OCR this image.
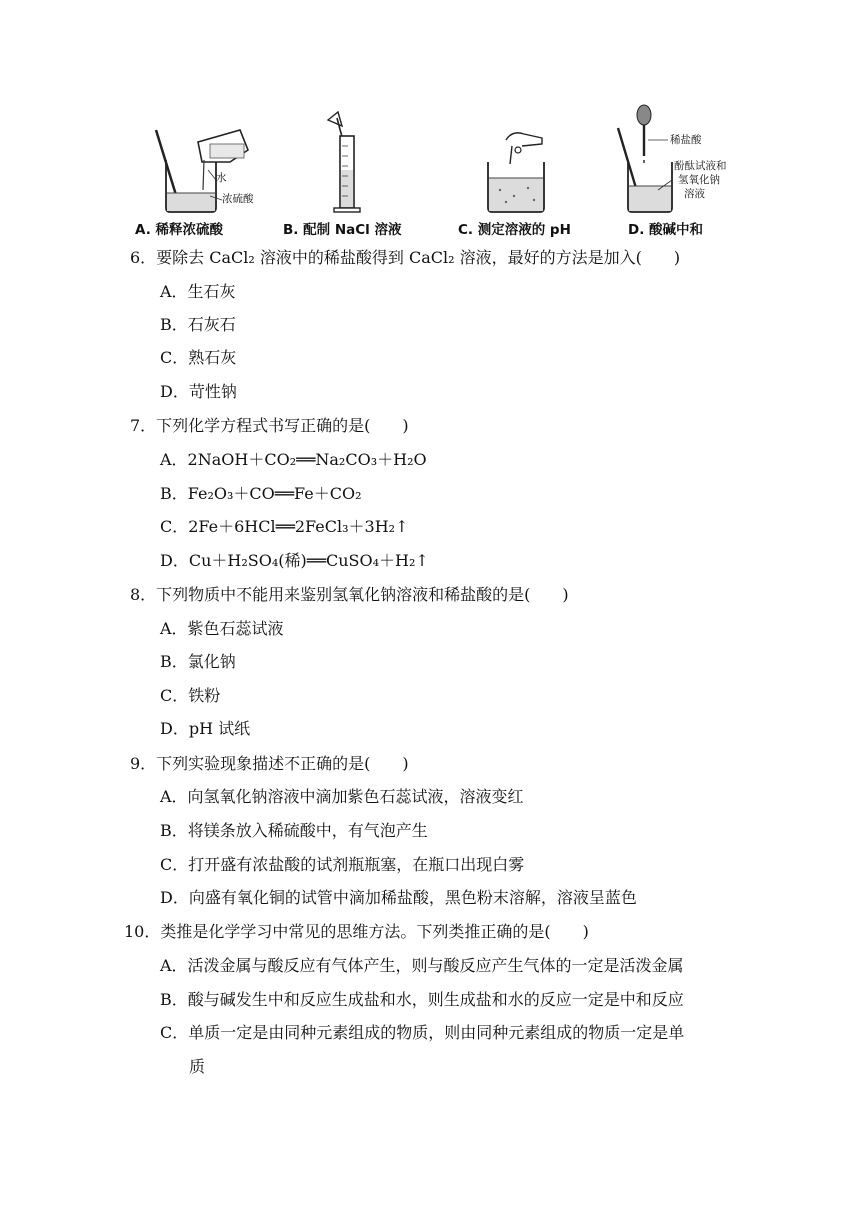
水
浓硫酸
A. 稀释浓硫酸	B. 配制 NaCl 溶液	C. 测定溶液的 pH
稀盐酸
酚酞试液和
氢氧化钠
溶液
D. 酸碱中和
6．要除去 CaCl₂ 溶液中的稀盐酸得到 CaCl₂ 溶液，最好的方法是加入(　　)
A．生石灰
B．石灰石
C．熟石灰
D．苛性钠
7．下列化学方程式书写正确的是(　　)
A．2NaOH＋CO₂══Na₂CO₃＋H₂O
B．Fe₂O₃＋CO══Fe＋CO₂
C．2Fe＋6HCl══2FeCl₃＋3H₂↑
D．Cu＋H₂SO₄(稀)══CuSO₄＋H₂↑
8．下列物质中不能用来鉴别氢氧化钠溶液和稀盐酸的是(　　)
A．紫色石蕊试液
B．氯化钠
C．铁粉
D．pH 试纸
9．下列实验现象描述不正确的是(　　)
A．向氢氧化钠溶液中滴加紫色石蕊试液，溶液变红
B．将镁条放入稀硫酸中，有气泡产生
C．打开盛有浓盐酸的试剂瓶瓶塞，在瓶口出现白雾
D．向盛有氧化铜的试管中滴加稀盐酸，黑色粉末溶解，溶液呈蓝色
10．类推是化学学习中常见的思维方法。下列类推正确的是(　　)
A．活泼金属与酸反应有气体产生，则与酸反应产生气体的一定是活泼金属
B．酸与碱发生中和反应生成盐和水，则生成盐和水的反应一定是中和反应
C．单质一定是由同种元素组成的物质，则由同种元素组成的物质一定是单
质
